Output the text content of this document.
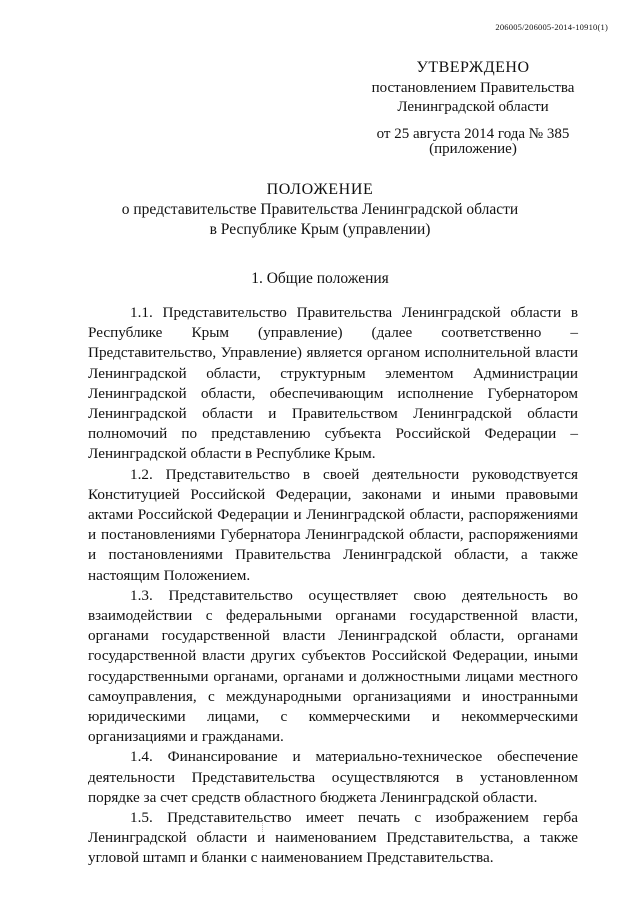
206005/206005-2014-10910(1)
УТВЕРЖДЕНО
постановлением Правительства
Ленинградской области
от 25 августа 2014 года № 385
(приложение)
ПОЛОЖЕНИЕ
о представительстве Правительства Ленинградской области
в Республике Крым (управлении)
1. Общие положения

1.1. Представительство Правительства Ленинградской области в Республике Крым (управление) (далее соответственно – Представительство, Управление) является органом исполнительной власти Ленинградской области, структурным элементом Администрации Ленинградской области, обеспечивающим исполнение Губернатором Ленинградской области и Правительством Ленинградской области полномочий по представлению субъекта Российской Федерации – Ленинградской области в Республике Крым.

1.2. Представительство в своей деятельности руководствуется Конституцией Российской Федерации, законами и иными правовыми актами Российской Федерации и Ленинградской области, распоряжениями и постановлениями Губернатора Ленинградской области, распоряжениями и постановлениями Правительства Ленинградской области, а также настоящим Положением.

1.3. Представительство осуществляет свою деятельность во взаимодействии с федеральными органами государственной власти, органами государственной власти Ленинградской области, органами государственной власти других субъектов Российской Федерации, иными государственными органами, органами и должностными лицами местного самоуправления, с международными организациями и иностранными юридическими лицами, с коммерческими и некоммерческими организациями и гражданами.

1.4. Финансирование и материально-техническое обеспечение деятельности Представительства осуществляются в установленном порядке за счет средств областного бюджета Ленинградской области.

1.5. Представительство имеет печать с изображением герба Ленинградской области и наименованием Представительства, а также угловой штамп и бланки с наименованием Представительства.
